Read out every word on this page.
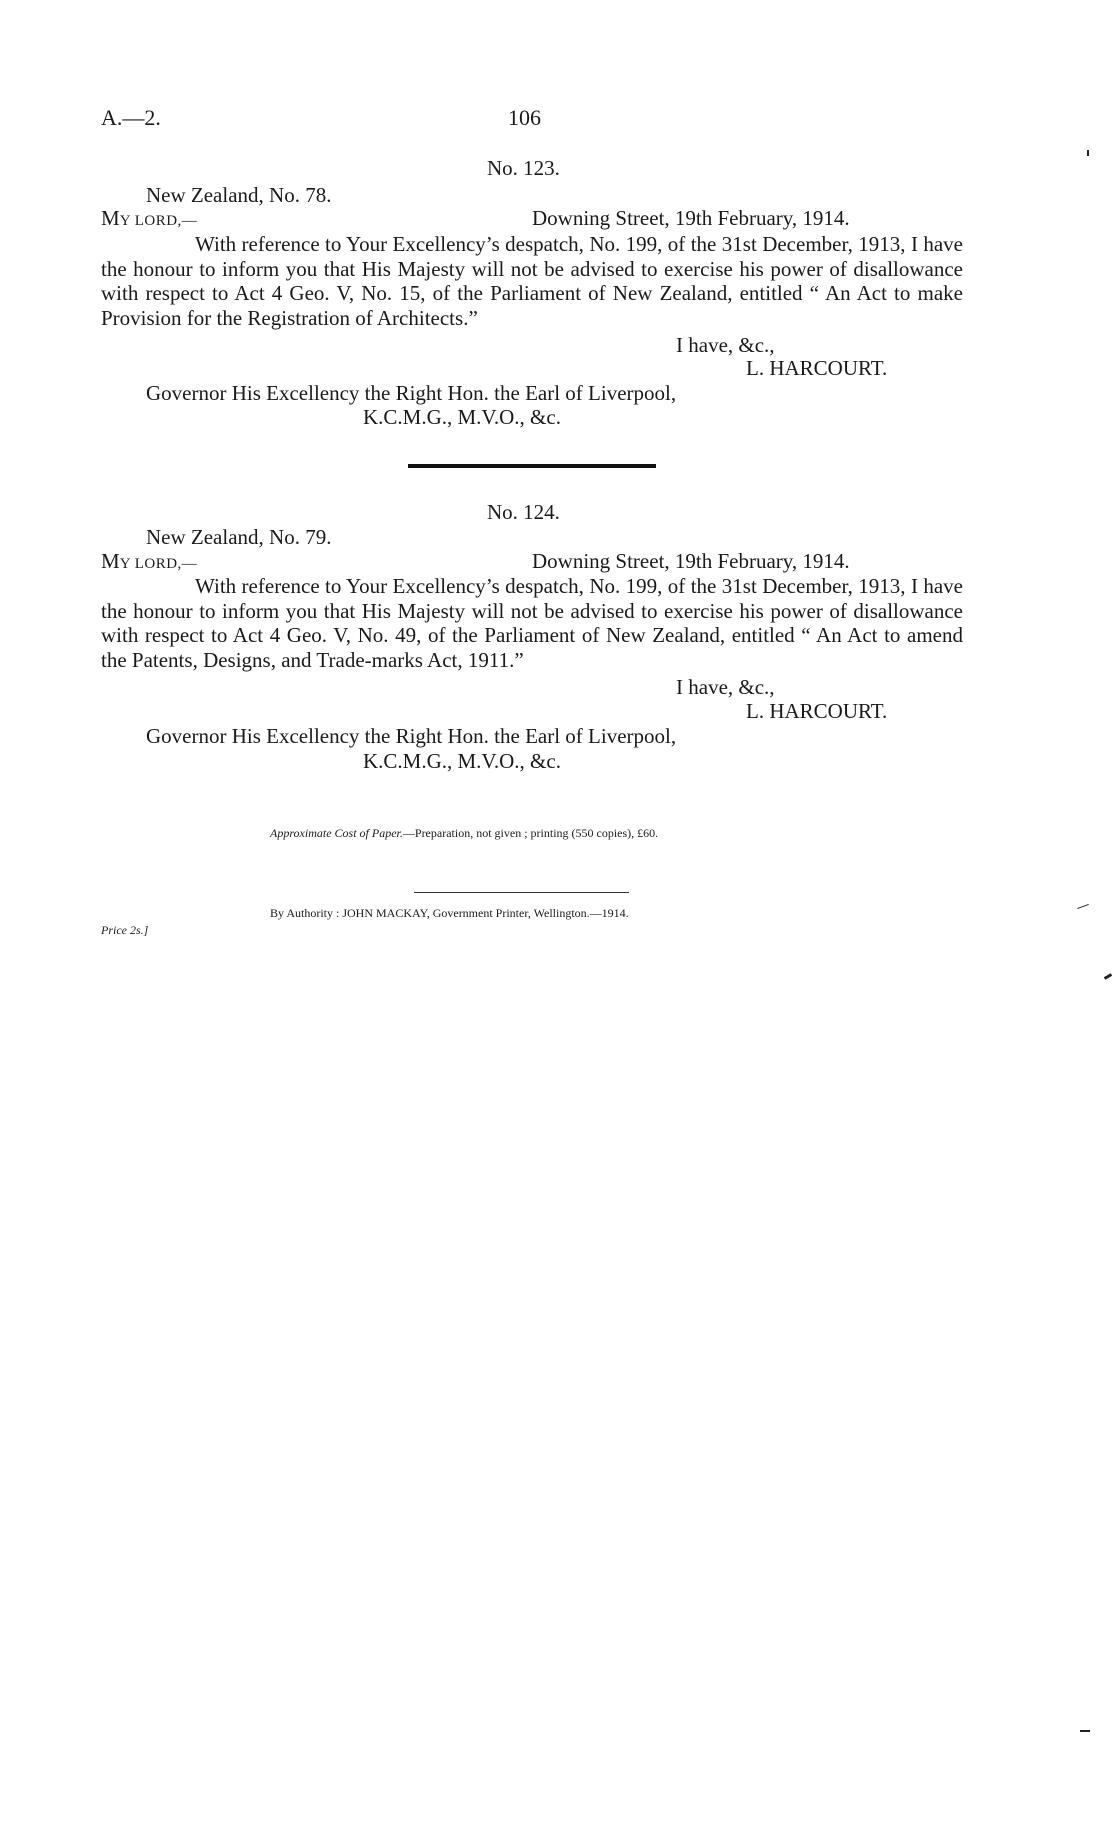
A.—2.	106
No. 123.
New Zealand, No. 78.
MY LORD,—	Downing Street, 19th February, 1914.
With reference to Your Excellency’s despatch, No. 199, of the 31st December, 1913, I have the honour to inform you that His Majesty will not be advised to exercise his power of disallowance with respect to Act 4 Geo. V, No. 15, of the Parliament of New Zealand, entitled “ An Act to make Provision for the Registration of Architects.”
I have, &c.,
L. HARCOURT.
Governor His Excellency the Right Hon. the Earl of Liverpool,
K.C.M.G., M.V.O., &c.
No. 124.
New Zealand, No. 79.
MY LORD,—	Downing Street, 19th February, 1914.
With reference to Your Excellency’s despatch, No. 199, of the 31st December, 1913, I have the honour to inform you that His Majesty will not be advised to exercise his power of disallowance with respect to Act 4 Geo. V, No. 49, of the Parliament of New Zealand, entitled “ An Act to amend the Patents, Designs, and Trade-marks Act, 1911.”
I have, &c.,
L. HARCOURT.
Governor His Excellency the Right Hon. the Earl of Liverpool,
K.C.M.G., M.V.O., &c.
Approximate Cost of Paper.—Preparation, not given ; printing (550 copies), £60.
By Authority : JOHN MACKAY, Government Printer, Wellington.—1914.
Price 2s.]
